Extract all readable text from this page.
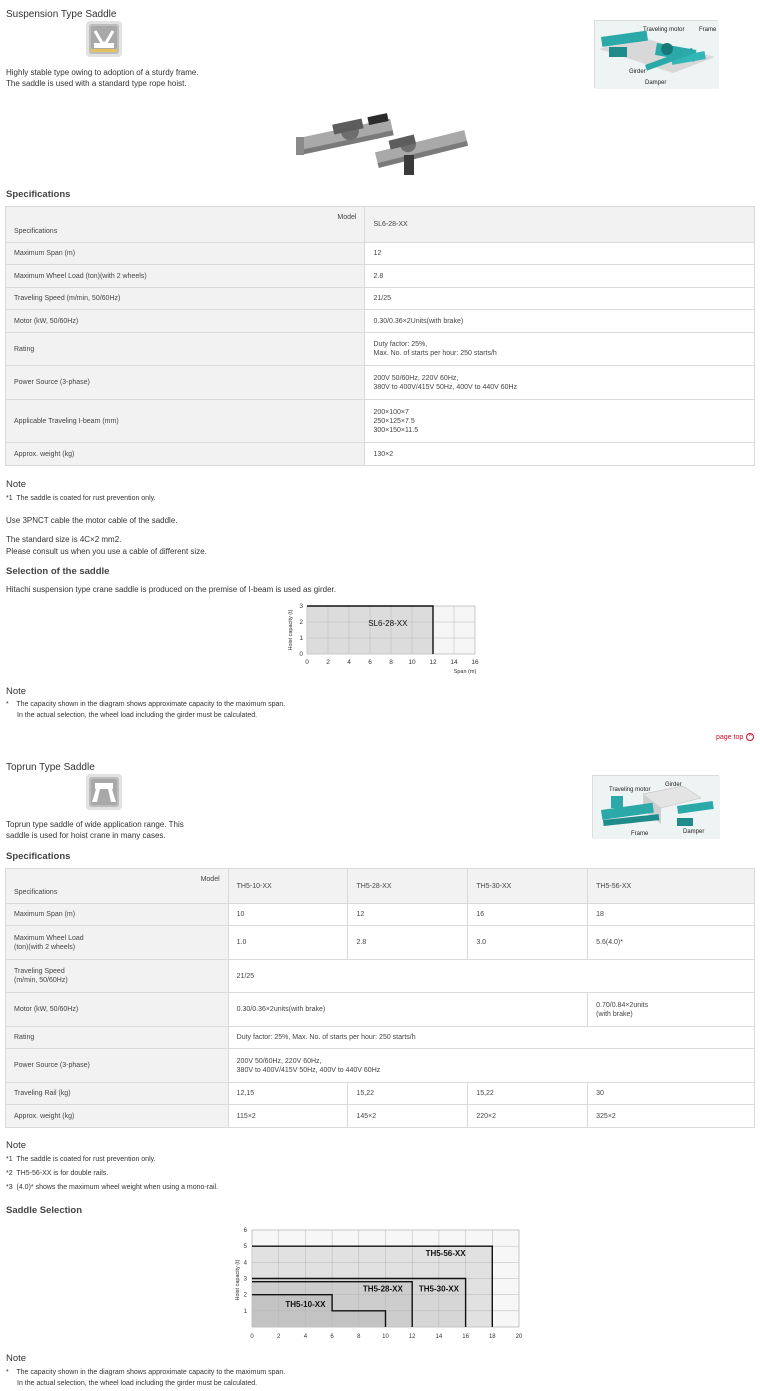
Suspension Type Saddle
Highly stable type owing to adoption of a sturdy frame.
The saddle is used with a standard type rope hoist.
Traveling motor Frame
Girder
Damper
Specifications
Model
Specifications	SL6-28-XX
Maximum Span (m)	12
Maximum Wheel Load (ton)(with 2 wheels)	2.8
Traveling Speed (m/min, 50/60Hz)	21/25
Motor (kW, 50/60Hz)	0.30/0.36×2Units(with brake)
Rating	Duty factor: 25%,
Max. No. of starts per hour: 250 starts/h

Power Source (3-phase)	200V 50/60Hz, 220V 60Hz,
380V to 400V/415V 50Hz, 400V to 440V 60Hz

Applicable Traveling I-beam (mm)	200×100×7
250×125×7.5
300×150×11.5

Approx. weight (kg)	130×2
Note
*1 The saddle is coated for rust prevention only.
Use 3PNCT cable the motor cable of the saddle.
The standard size is 4C×2 mm2.
Please consult us when you use a cable of different size.
Selection of the saddle
Hitachi suspension type crane saddle is produced on the premise of I-beam is used as girder.
SL6-28-XX
0	2	4	6	8 10 12 14 16
0
1
2
3
Span (m)
Hoist capacity (t)
Note
* The capacity shown in the diagram shows approximate capacity to the maximum span.
In the actual selection, the wheel load including the girder must be calculated.
page top ^
Toprun Type Saddle
Toprun type saddle of wide application range. This
saddle is used for hoist crane in many cases.
Traveling motor
Girder
Frame	Damper
Specifications
Model
Specifications	TH5-10-XX	TH5-28-XX	TH5-30-XX	TH5-56-XX
Maximum Span (m)	10	12	16	18

Maximum Wheel Load
(ton)(with 2 wheels)	1.0	2.8	3.0	5.6(4.0)*

Traveling Speed
(m/min, 50/60Hz)	21/25			
Motor (kW, 50/60Hz)	0.30/0.36×2units(with brake)			0.70/0.84×2units
(with brake)

Rating	Duty factor: 25%, Max. No. of starts per hour: 250 starts/h			
Power Source (3-phase)	200V 50/60Hz, 220V 60Hz,
380V to 400V/415V 50Hz, 400V to 440V 60Hz			

Traveling Rail (kg)	12,15	15,22	15,22	30
Approx. weight (kg)	115×2	145×2	220×2	325×2
Note
*1 The saddle is coated for rust prevention only.
*2 TH5-56-XX is for double rails.
*3 (4.0)* shows the maximum wheel weight when using a mono-rail.
Saddle Selection
TH5-56-XX
TH5-30-XX
TH5-28-XX
TH5-10-XX
0	2	4	6	8	10	12	14	16	18	20
1
2
3
4
5
6
Hoist capacity (t)
Note
* The capacity shown in the diagram shows approximate capacity to the maximum span.
In the actual selection, the wheel load including the girder must be calculated.
